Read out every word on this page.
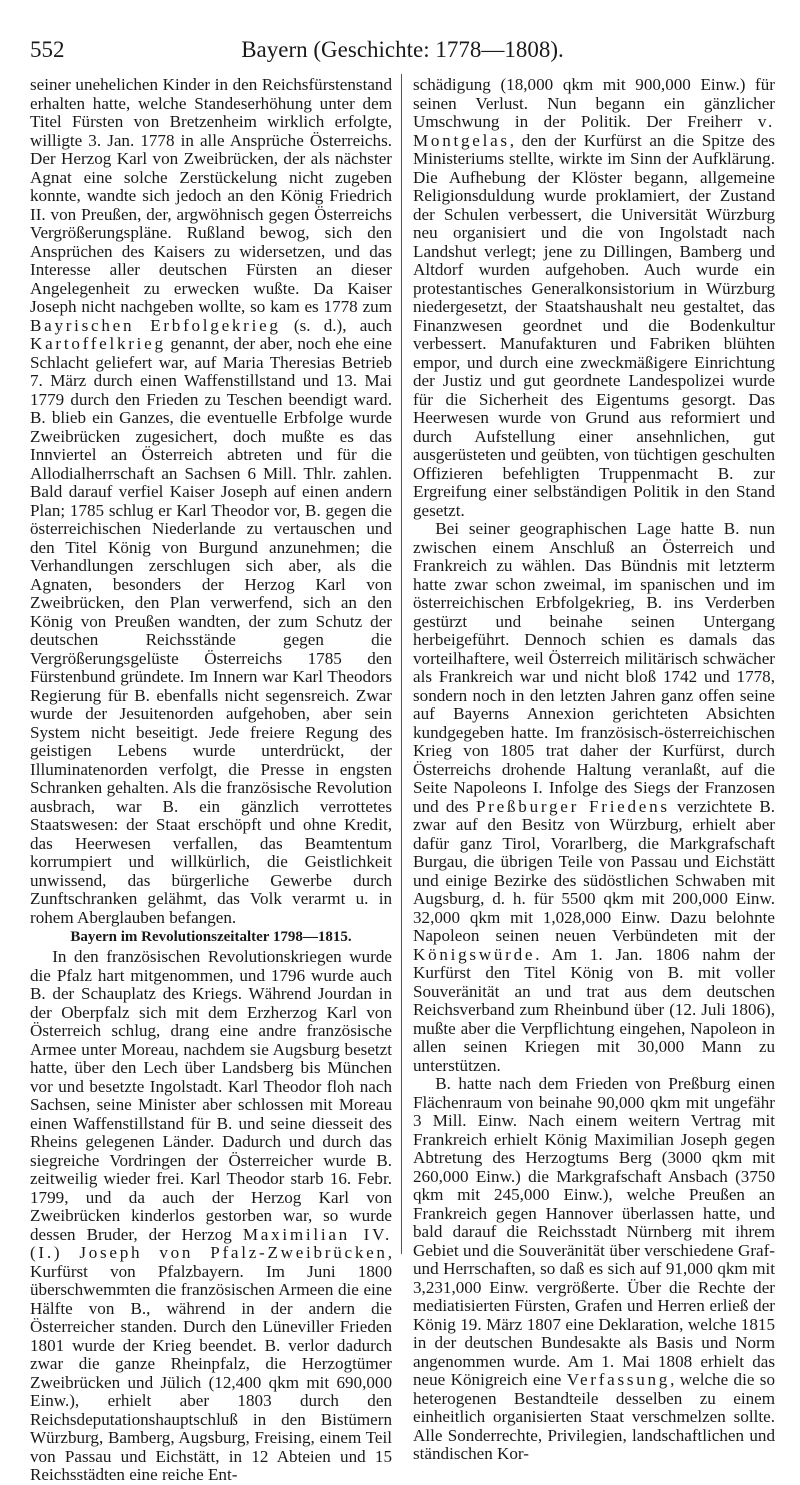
552	Bayern (Geschichte: 1778—1808).

seiner unehelichen Kinder in den Reichsfürstenstand erhalten hatte, welche Standeserhöhung unter dem Titel Fürsten von Bretzenheim wirklich erfolgte, willigte 3. Jan. 1778 in alle Ansprüche Österreichs. Der Herzog Karl von Zweibrücken, der als nächster Agnat eine solche Zerstückelung nicht zugeben konnte, wandte sich jedoch an den König Friedrich II. von Preußen, der, argwöhnisch gegen Österreichs Vergrößerungspläne. Rußland bewog, sich den Ansprüchen des Kaisers zu widersetzen, und das Interesse aller deutschen Fürsten an dieser Angelegenheit zu erwecken wußte. Da Kaiser Joseph nicht nachgeben wollte, so kam es 1778 zum Bayrischen Erbfolgekrieg (s. d.), auch Kartoffelkrieg genannt, der aber, noch ehe eine Schlacht geliefert war, auf Maria Theresias Betrieb 7. März durch einen Waffenstillstand und 13. Mai 1779 durch den Frieden zu Teschen beendigt ward. B. blieb ein Ganzes, die eventuelle Erbfolge wurde Zweibrücken zugesichert, doch mußte es das Innviertel an Österreich abtreten und für die Allodialherrschaft an Sachsen 6 Mill. Thlr. zahlen. Bald darauf verfiel Kaiser Joseph auf einen andern Plan; 1785 schlug er Karl Theodor vor, B. gegen die österreichischen Niederlande zu vertauschen und den Titel König von Burgund anzunehmen; die Verhandlungen zerschlugen sich aber, als die Agnaten, besonders der Herzog Karl von Zweibrücken, den Plan verwerfend, sich an den König von Preußen wandten, der zum Schutz der deutschen Reichsstände gegen die Vergrößerungsgelüste Österreichs 1785 den Fürstenbund gründete. Im Innern war Karl Theodors Regierung für B. ebenfalls nicht segensreich. Zwar wurde der Jesuitenorden aufgehoben, aber sein System nicht beseitigt. Jede freiere Regung des geistigen Lebens wurde unterdrückt, der Illuminatenorden verfolgt, die Presse in engsten Schranken gehalten. Als die französische Revolution ausbrach, war B. ein gänzlich verrottetes Staatswesen: der Staat erschöpft und ohne Kredit, das Heerwesen verfallen, das Beamtentum korrumpiert und willkürlich, die Geistlichkeit unwissend, das bürgerliche Gewerbe durch Zunftschranken gelähmt, das Volk verarmt u. in rohem Aberglauben befangen.

Bayern im Revolutionszeitalter 1798—1815.

In den französischen Revolutionskriegen wurde die Pfalz hart mitgenommen, und 1796 wurde auch B. der Schauplatz des Kriegs. Während Jourdan in der Oberpfalz sich mit dem Erzherzog Karl von Österreich schlug, drang eine andre französische Armee unter Moreau, nachdem sie Augsburg besetzt hatte, über den Lech über Landsberg bis München vor und besetzte Ingolstadt. Karl Theodor floh nach Sachsen, seine Minister aber schlossen mit Moreau einen Waffenstillstand für B. und seine diesseit des Rheins gelegenen Länder. Dadurch und durch das siegreiche Vordringen der Österreicher wurde B. zeitweilig wieder frei. Karl Theodor starb 16. Febr. 1799, und da auch der Herzog Karl von Zweibrücken kinderlos gestorben war, so wurde dessen Bruder, der Herzog Maximilian IV. (I.) Joseph von Pfalz-Zweibrücken, Kurfürst von Pfalzbayern. Im Juni 1800 überschwemmten die französischen Armeen die eine Hälfte von B., während in der andern die Österreicher standen. Durch den Lüneviller Frieden 1801 wurde der Krieg beendet. B. verlor dadurch zwar die ganze Rheinpfalz, die Herzogtümer Zweibrücken und Jülich (12,400 qkm mit 690,000 Einw.), erhielt aber 1803 durch den Reichsdeputationshauptschluß in den Bistümern Würzburg, Bamberg, Augsburg, Freising, einem Teil von Passau und Eichstätt, in 12 Abteien und 15 Reichsstädten eine reiche Ent-

schädigung (18,000 qkm mit 900,000 Einw.) für seinen Verlust. Nun begann ein gänzlicher Umschwung in der Politik. Der Freiherr v. Montgelas, den der Kurfürst an die Spitze des Ministeriums stellte, wirkte im Sinn der Aufklärung. Die Aufhebung der Klöster begann, allgemeine Religionsduldung wurde proklamiert, der Zustand der Schulen verbessert, die Universität Würzburg neu organisiert und die von Ingolstadt nach Landshut verlegt; jene zu Dillingen, Bamberg und Altdorf wurden aufgehoben. Auch wurde ein protestantisches Generalkonsistorium in Würzburg niedergesetzt, der Staatshaushalt neu gestaltet, das Finanzwesen geordnet und die Bodenkultur verbessert. Manufakturen und Fabriken blühten empor, und durch eine zweckmäßigere Einrichtung der Justiz und gut geordnete Landespolizei wurde für die Sicherheit des Eigentums gesorgt. Das Heerwesen wurde von Grund aus reformiert und durch Aufstellung einer ansehnlichen, gut ausgerüsteten und geübten, von tüchtigen geschulten Offizieren befehligten Truppenmacht B. zur Ergreifung einer selbständigen Politik in den Stand gesetzt.

Bei seiner geographischen Lage hatte B. nun zwischen einem Anschluß an Österreich und Frankreich zu wählen. Das Bündnis mit letzterm hatte zwar schon zweimal, im spanischen und im österreichischen Erbfolgekrieg, B. ins Verderben gestürzt und beinahe seinen Untergang herbeigeführt. Dennoch schien es damals das vorteilhaftere, weil Österreich militärisch schwächer als Frankreich war und nicht bloß 1742 und 1778, sondern noch in den letzten Jahren ganz offen seine auf Bayerns Annexion gerichteten Absichten kundgegeben hatte. Im französisch-österreichischen Krieg von 1805 trat daher der Kurfürst, durch Österreichs drohende Haltung veranlaßt, auf die Seite Napoleons I. Infolge des Siegs der Franzosen und des Preßburger Friedens verzichtete B. zwar auf den Besitz von Würzburg, erhielt aber dafür ganz Tirol, Vorarlberg, die Markgrafschaft Burgau, die übrigen Teile von Passau und Eichstätt und einige Bezirke des südöstlichen Schwaben mit Augsburg, d. h. für 5500 qkm mit 200,000 Einw. 32,000 qkm mit 1,028,000 Einw. Dazu belohnte Napoleon seinen neuen Verbündeten mit der Königswürde. Am 1. Jan. 1806 nahm der Kurfürst den Titel König von B. mit voller Souveränität an und trat aus dem deutschen Reichsverband zum Rheinbund über (12. Juli 1806), mußte aber die Verpflichtung eingehen, Napoleon in allen seinen Kriegen mit 30,000 Mann zu unterstützen.

B. hatte nach dem Frieden von Preßburg einen Flächenraum von beinahe 90,000 qkm mit ungefähr 3 Mill. Einw. Nach einem weitern Vertrag mit Frankreich erhielt König Maximilian Joseph gegen Abtretung des Herzogtums Berg (3000 qkm mit 260,000 Einw.) die Markgrafschaft Ansbach (3750 qkm mit 245,000 Einw.), welche Preußen an Frankreich gegen Hannover überlassen hatte, und bald darauf die Reichsstadt Nürnberg mit ihrem Gebiet und die Souveränität über verschiedene Graf- und Herrschaften, so daß es sich auf 91,000 qkm mit 3,231,000 Einw. vergrößerte. Über die Rechte der mediatisierten Fürsten, Grafen und Herren erließ der König 19. März 1807 eine Deklaration, welche 1815 in der deutschen Bundesakte als Basis und Norm angenommen wurde. Am 1. Mai 1808 erhielt das neue Königreich eine Verfassung, welche die so heterogenen Bestandteile desselben zu einem einheitlich organisierten Staat verschmelzen sollte. Alle Sonderrechte, Privilegien, landschaftlichen und ständischen Kor-
